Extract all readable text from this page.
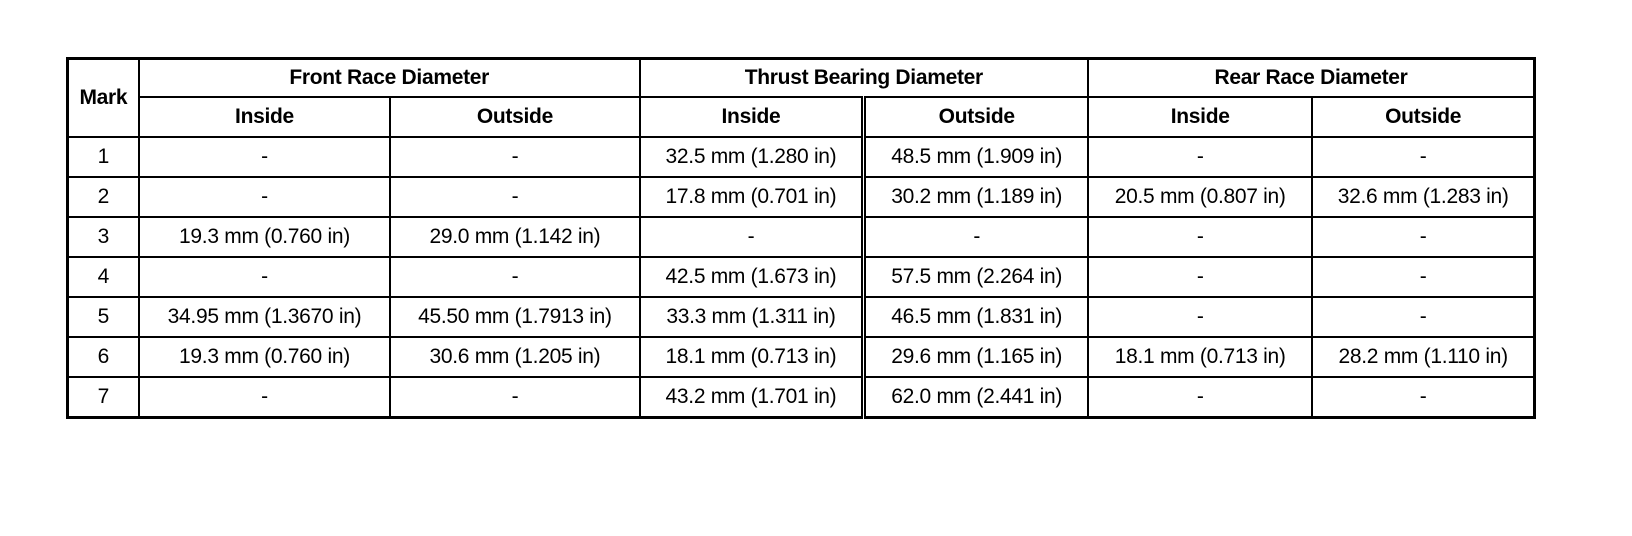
Mark	Front Race Diameter		Thrust Bearing Diameter		Rear Race Diameter	
	Inside	Outside	Inside	Outside	Inside	Outside
1	-	-	32.5 mm (1.280 in)	48.5 mm (1.909 in)	-	-
2	-	-	17.8 mm (0.701 in)	30.2 mm (1.189 in)	20.5 mm (0.807 in)	32.6 mm (1.283 in)
3	19.3 mm (0.760 in)	29.0 mm (1.142 in)	-	-	-	-
4	-	-	42.5 mm (1.673 in)	57.5 mm (2.264 in)	-	-
5	34.95 mm (1.3670 in)	45.50 mm (1.7913 in)	33.3 mm (1.311 in)	46.5 mm (1.831 in)	-	-
6	19.3 mm (0.760 in)	30.6 mm (1.205 in)	18.1 mm (0.713 in)	29.6 mm (1.165 in)	18.1 mm (0.713 in)	28.2 mm (1.110 in)
7	-	-	43.2 mm (1.701 in)	62.0 mm (2.441 in)	-	-
